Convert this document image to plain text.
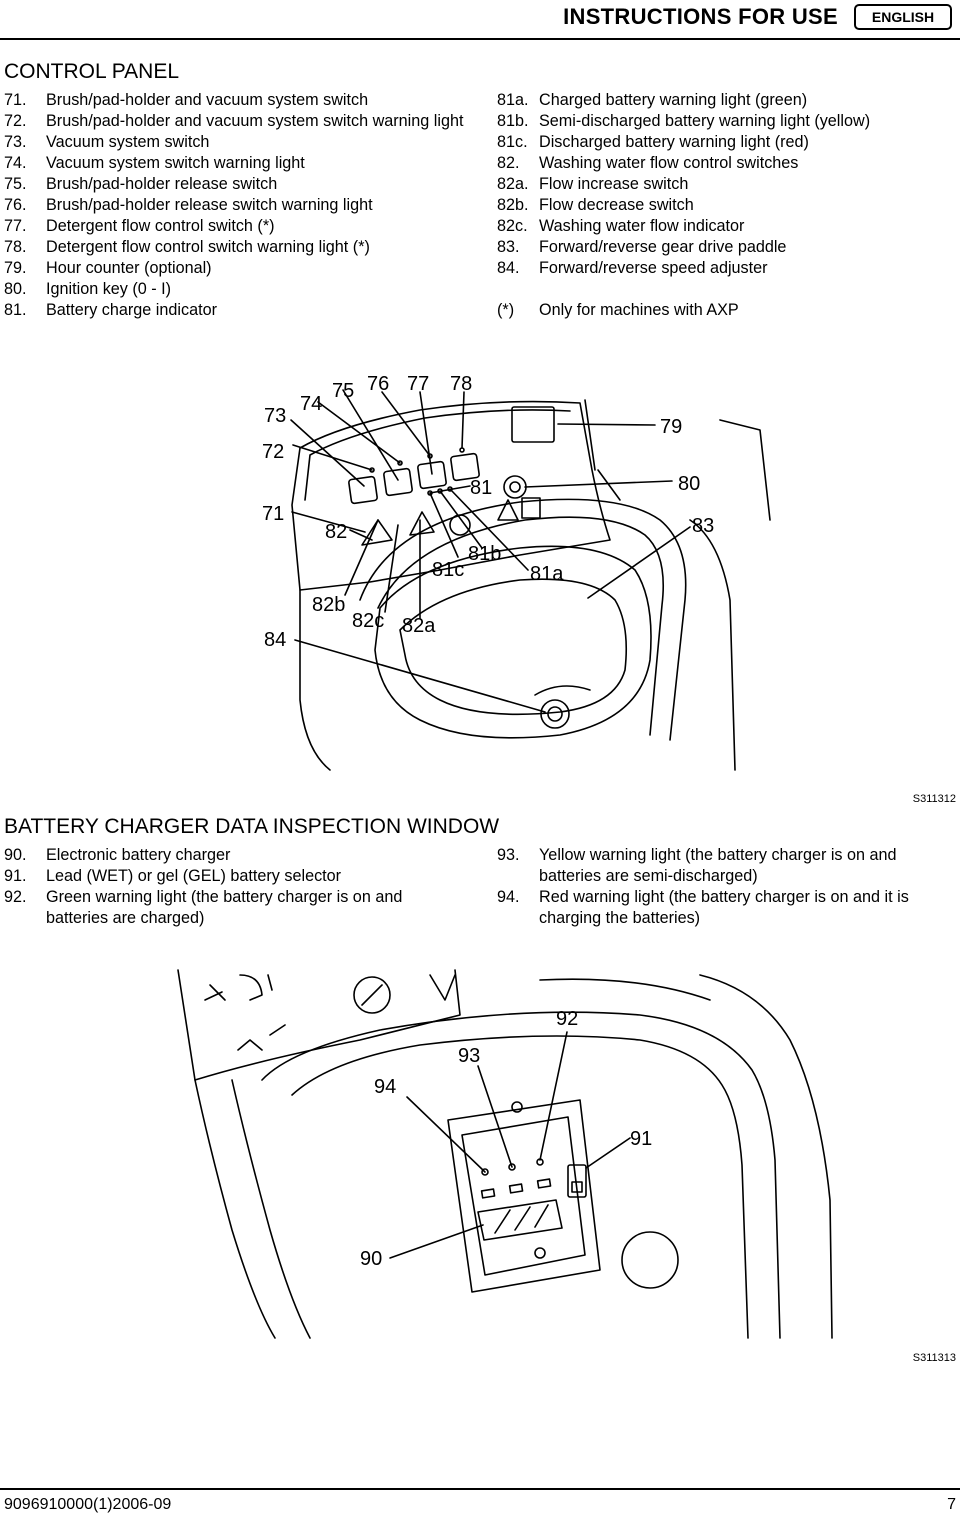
INSTRUCTIONS FOR USE	ENGLISH
CONTROL PANEL
71.	Brush/pad-holder and vacuum system switch
72.	Brush/pad-holder and vacuum system switch warning light
73.	Vacuum system switch
74.	Vacuum system switch warning light
75.	Brush/pad-holder release switch
76.	Brush/pad-holder release switch warning light
77.	Detergent flow control switch (*)
78.	Detergent flow control switch warning light (*)
79.	Hour counter (optional)
80.	Ignition key (0 - I)
81.	Battery charge indicator
81a. Charged battery warning light (green)
81b. Semi-discharged battery warning light (yellow)
81c. Discharged battery warning light (red)
82.	Washing water flow control switches
82a. Flow increase switch
82b. Flow decrease switch
82c. Washing water flow indicator
83.	Forward/reverse gear drive paddle
84.	Forward/reverse speed adjuster
(*)	Only for machines with AXP
73
74
75 76 77 78
72
71
82
79
80
81
83
81b
81c	81a
82b
82c 82a
84
S311312
BATTERY CHARGER DATA INSPECTION WINDOW
90.	Electronic battery charger
91.	Lead (WET) or gel (GEL) battery selector
92.	Green warning light (the battery charger is on and batteries are charged)
93.	Yellow warning light (the battery charger is on and batteries are semi-discharged)
94.	Red warning light (the battery charger is on and it is charging the batteries)
92
93
94
91
90
S311313
9096910000(1)2006-09	7
